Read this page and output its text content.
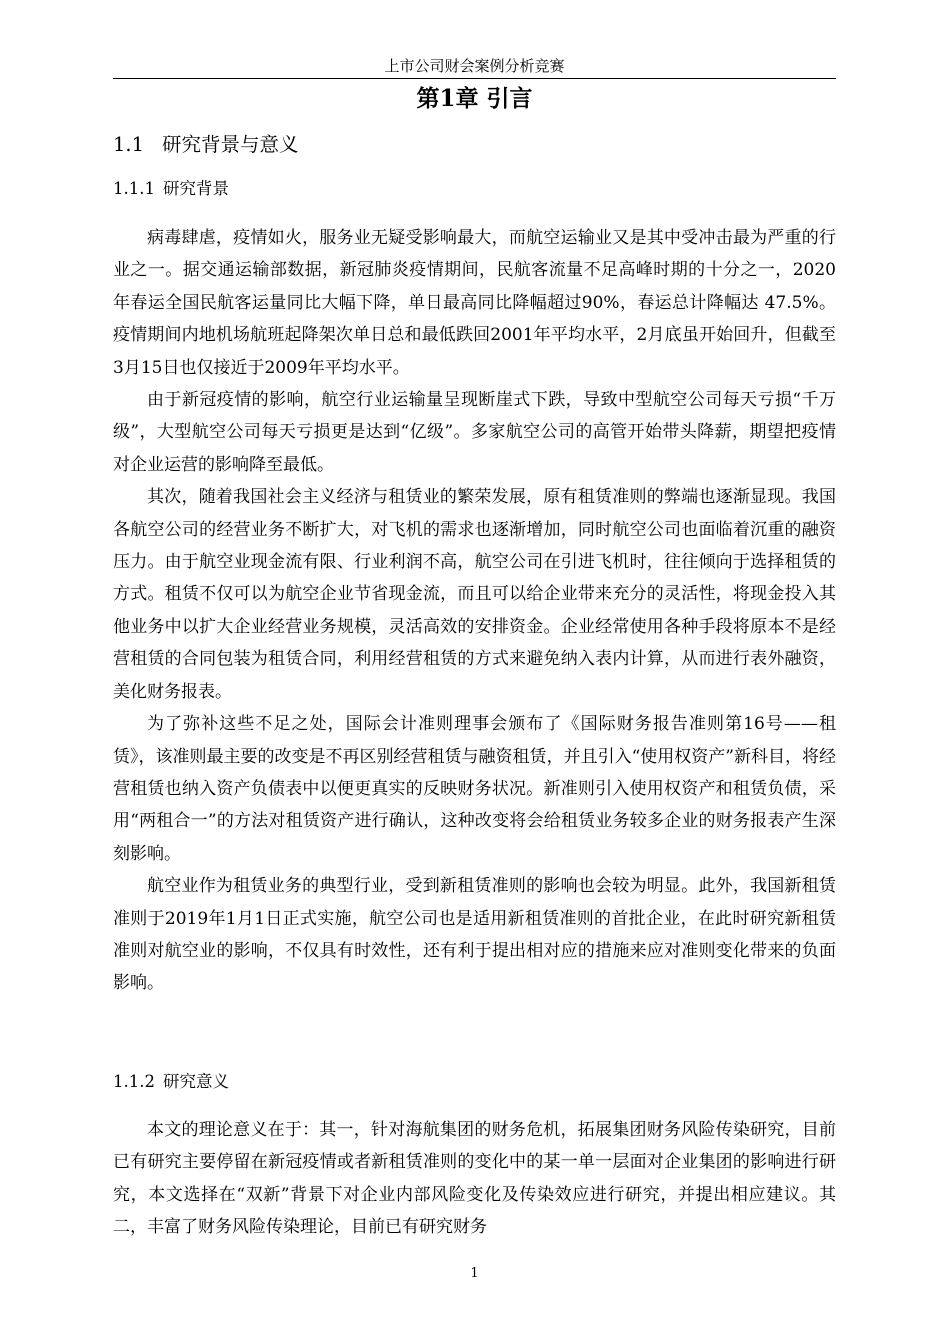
上市公司财会案例分析竞赛
第1章 引言
1.1 研究背景与意义
1.1.1 研究背景

病毒肆虐，疫情如火，服务业无疑受影响最大，而航空运输业又是其中受冲击最为严重的行业之一。据交通运输部数据，新冠肺炎疫情期间，民航客流量不足高峰时期的十分之一，2020年春运全国民航客运量同比大幅下降，单日最高同比降幅超过90%，春运总计降幅达 47.5%。疫情期间内地机场航班起降架次单日总和最低跌回2001年平均水平，2月底虽开始回升，但截至 3月15日也仅接近于2009年平均水平。

由于新冠疫情的影响，航空行业运输量呈现断崖式下跌，导致中型航空公司每天亏损“千万级”，大型航空公司每天亏损更是达到“亿级”。多家航空公司的高管开始带头降薪，期望把疫情对企业运营的影响降至最低。

其次，随着我国社会主义经济与租赁业的繁荣发展，原有租赁准则的弊端也逐渐显现。我国各航空公司的经营业务不断扩大，对飞机的需求也逐渐增加，同时航空公司也面临着沉重的融资压力。由于航空业现金流有限、行业利润不高，航空公司在引进飞机时，往往倾向于选择租赁的方式。租赁不仅可以为航空企业节省现金流，而且可以给企业带来充分的灵活性，将现金投入其他业务中以扩大企业经营业务规模，灵活高效的安排资金。企业经常使用各种手段将原本不是经营租赁的合同包装为租赁合同，利用经营租赁的方式来避免纳入表内计算，从而进行表外融资，美化财务报表。

为了弥补这些不足之处，国际会计准则理事会颁布了《国际财务报告准则第16号——租赁》，该准则最主要的改变是不再区别经营租赁与融资租赁，并且引入“使用权资产”新科目，将经营租赁也纳入资产负债表中以便更真实的反映财务状况。新准则引入使用权资产和租赁负债，采用“两租合一”的方法对租赁资产进行确认，这种改变将会给租赁业务较多企业的财务报表产生深刻影响。

航空业作为租赁业务的典型行业，受到新租赁准则的影响也会较为明显。此外，我国新租赁准则于2019年1月1日正式实施，航空公司也是适用新租赁准则的首批企业，在此时研究新租赁准则对航空业的影响，不仅具有时效性，还有利于提出相对应的措施来应对准则变化带来的负面影响。

1.1.2 研究意义

本文的理论意义在于：其一，针对海航集团的财务危机，拓展集团财务风险传染研究，目前已有研究主要停留在新冠疫情或者新租赁准则的变化中的某一单一层面对企业集团的影响进行研究，本文选择在“双新”背景下对企业内部风险变化及传染效应进行研究，并提出相应建议。其二，丰富了财务风险传染理论，目前已有研究财务

1
